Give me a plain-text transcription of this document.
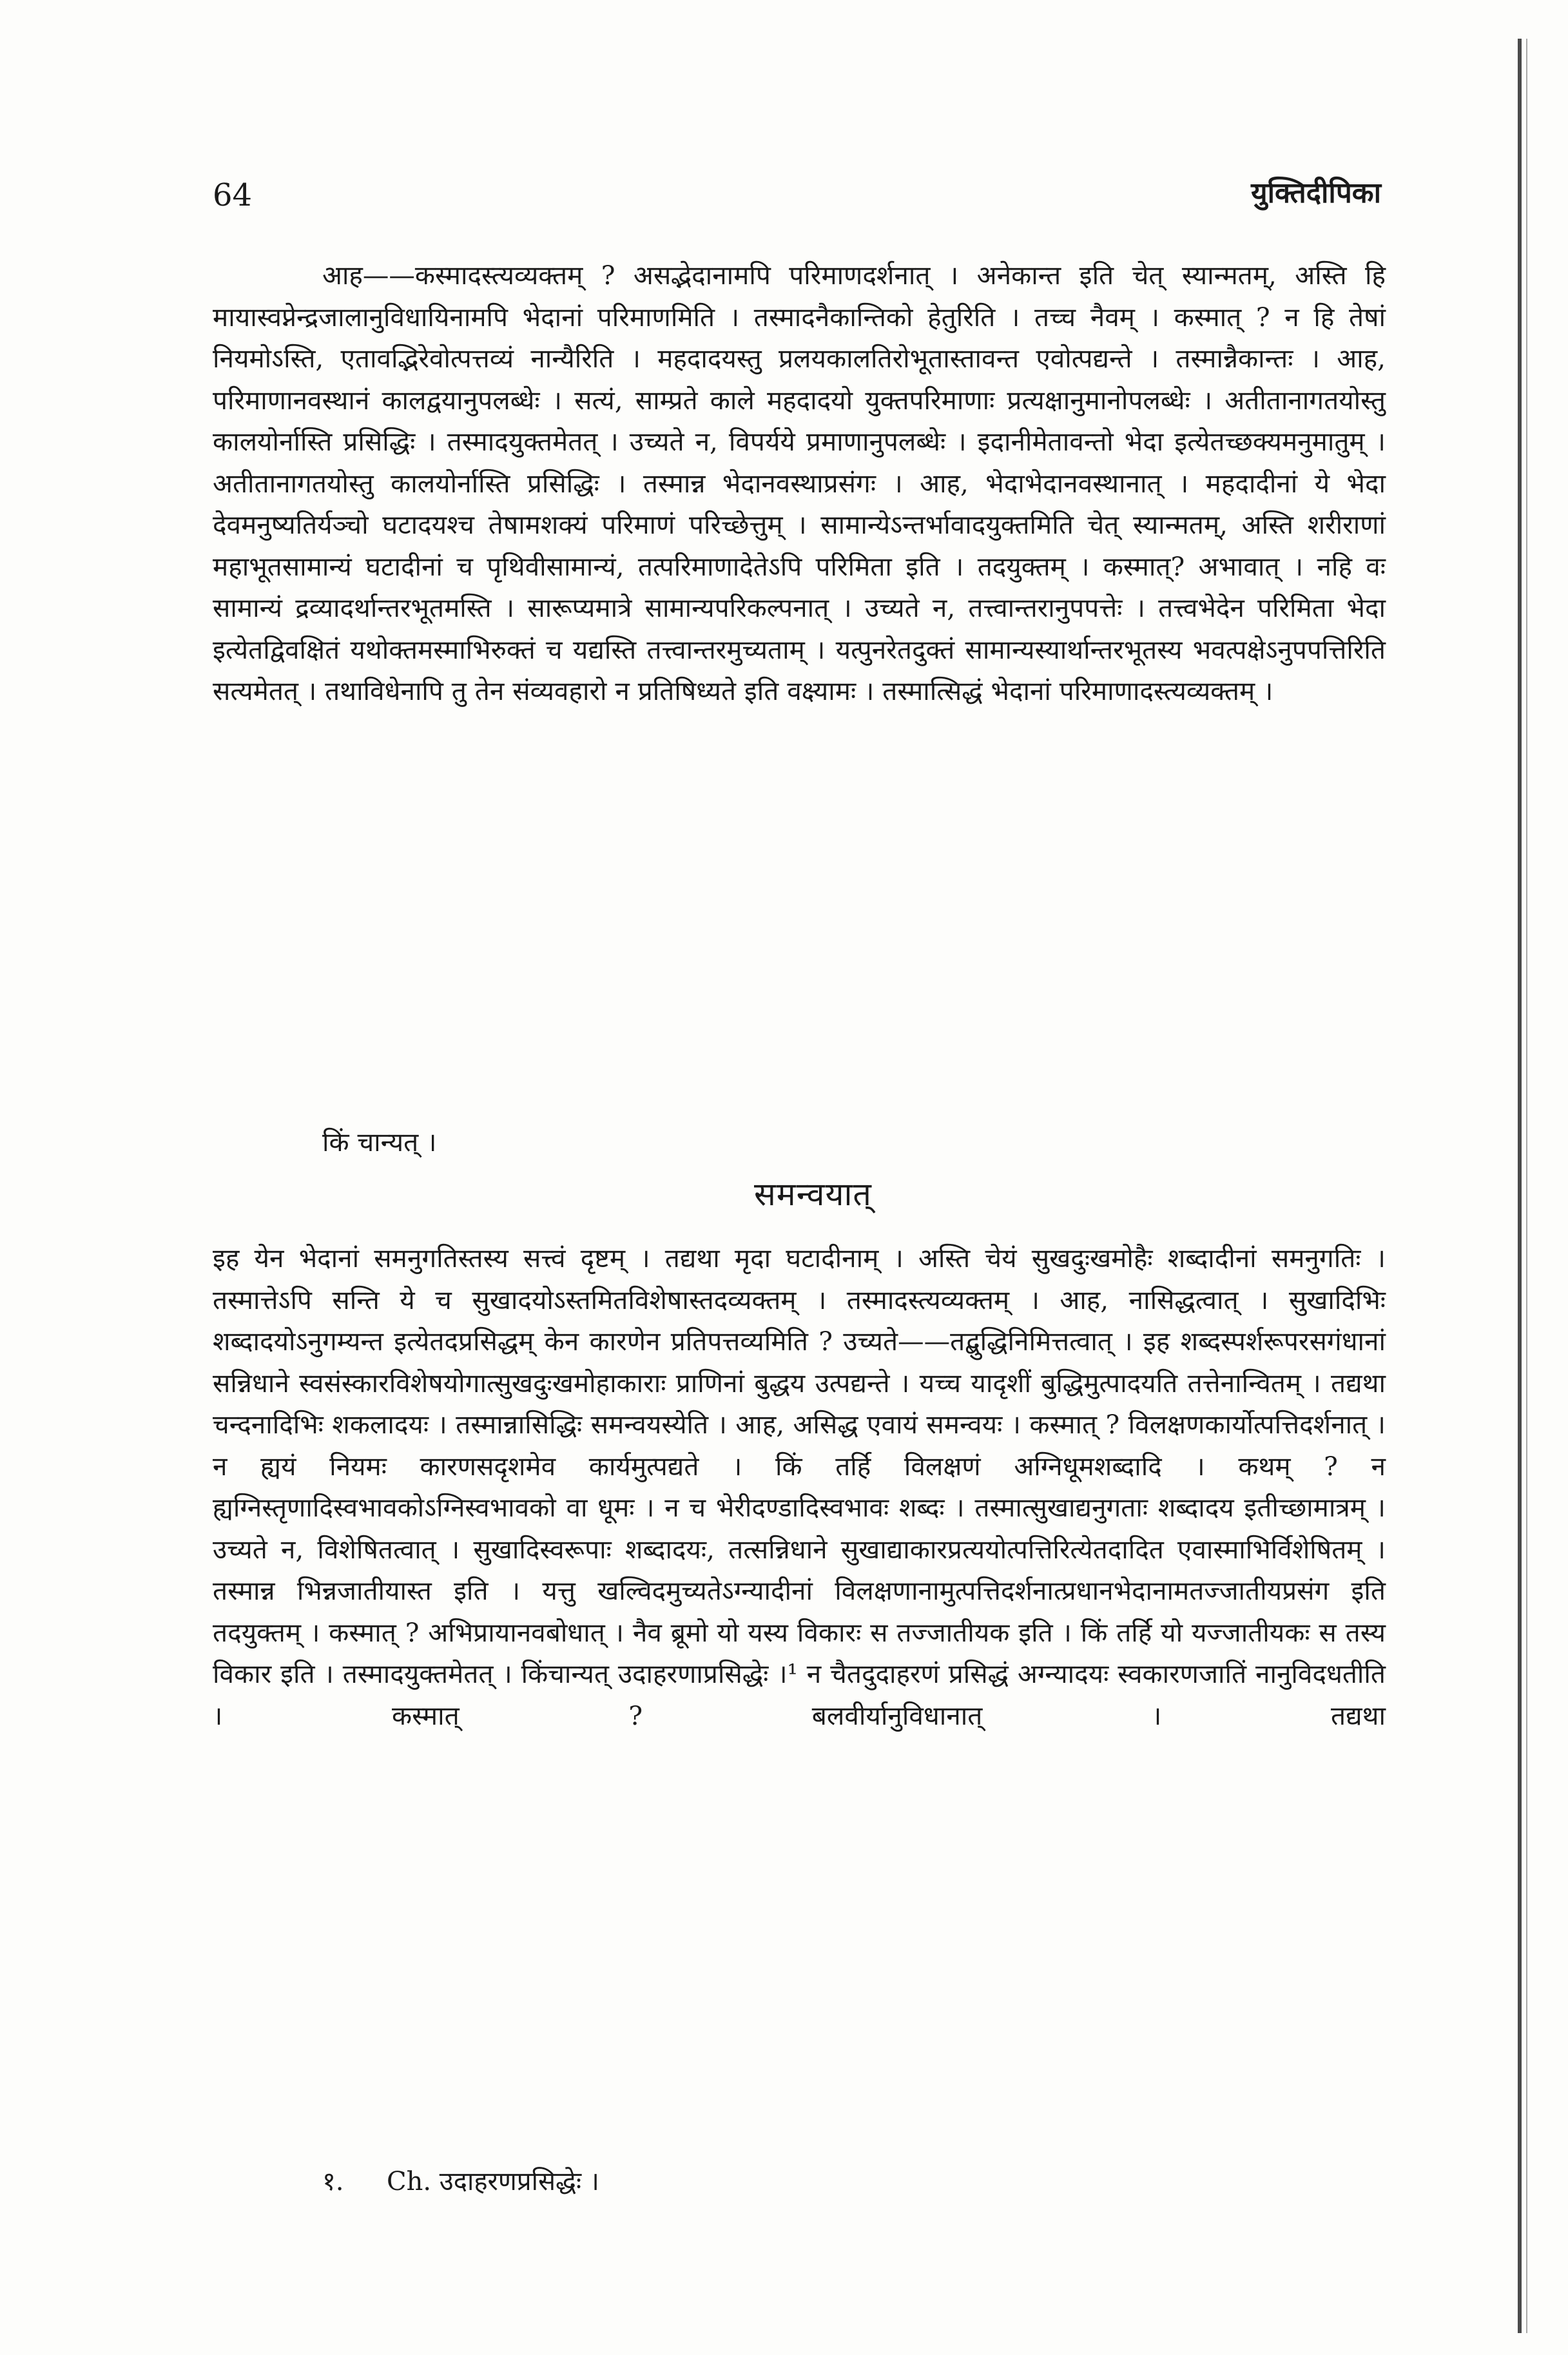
64	युक्तिदीपिका
आह——कस्मादस्त्यव्यक्तम् ? असद्भेदानामपि परिमाणदर्शनात् । अनेकान्त इति चेत् स्यान्मतम्, अस्ति हि मायास्वप्नेन्द्रजालानुविधायिनामपि भेदानां परिमाणमिति । तस्मादनैकान्तिको हेतुरिति । तच्च नैवम् । कस्मात् ? न हि तेषां नियमोऽस्ति, एतावद्भिरेवोत्पत्तव्यं नान्यैरिति । महदादयस्तु प्रलयकालतिरोभूतास्तावन्त एवोत्पद्यन्ते । तस्मान्नैकान्तः । आह, परिमाणानवस्थानं कालद्वयानुपलब्धेः । सत्यं, साम्प्रते काले महदादयो युक्तपरिमाणाः प्रत्यक्षानुमानोपलब्धेः । अतीतानागतयोस्तु कालयोर्नास्ति प्रसिद्धिः । तस्मादयुक्तमेतत् । उच्यते न, विपर्यये प्रमाणानुपलब्धेः । इदानीमेतावन्तो भेदा इत्येतच्छक्यमनुमातुम् । अतीतानागतयोस्तु कालयोर्नास्ति प्रसिद्धिः । तस्मान्न भेदानवस्थाप्रसंगः । आह, भेदाभेदानवस्थानात् । महदादीनां ये भेदा देवमनुष्यतिर्यञ्चो घटादयश्च तेषामशक्यं परिमाणं परिच्छेत्तुम् । सामान्येऽन्तर्भावादयुक्तमिति चेत् स्यान्मतम्, अस्ति शरीराणां महाभूतसामान्यं घटादीनां च पृथिवीसामान्यं, तत्परिमाणादेतेऽपि परिमिता इति । तदयुक्तम् । कस्मात्? अभावात् । नहि वः सामान्यं द्रव्यादर्थान्तरभूतमस्ति । सारूप्यमात्रे सामान्यपरिकल्पनात् । उच्यते न, तत्त्वान्तरानुपपत्तेः । तत्त्वभेदेन परिमिता भेदा इत्येतद्विवक्षितं यथोक्तमस्माभिरुक्तं च यद्यस्ति तत्त्वान्तरमुच्यताम् । यत्पुनरेतदुक्तं सामान्यस्यार्थान्तरभूतस्य भवत्पक्षेऽनुपपत्तिरिति सत्यमेतत् । तथाविधेनापि तु तेन संव्यवहारो न प्रतिषिध्यते इति वक्ष्यामः । तस्मात्सिद्धं भेदानां परिमाणादस्त्यव्यक्तम् ।
किं चान्यत् ।
समन्वयात्
इह येन भेदानां समनुगतिस्तस्य सत्त्वं दृष्टम् । तद्यथा मृदा घटादीनाम् । अस्ति चेयं सुखदुःखमोहैः शब्दादीनां समनुगतिः । तस्मात्तेऽपि सन्ति ये च सुखादयोऽस्तमितविशेषास्तदव्यक्तम् । तस्मादस्त्यव्यक्तम् । आह, नासिद्धत्वात् । सुखादिभिः शब्दादयोऽनुगम्यन्त इत्येतदप्रसिद्धम् केन कारणेन प्रतिपत्तव्यमिति ? उच्यते——तद्बुद्धिनिमित्तत्वात् । इह शब्दस्पर्शरूपरसगंधानां सन्निधाने स्वसंस्कारविशेषयोगात्सुखदुःखमोहाकाराः प्राणिनां बुद्धय उत्पद्यन्ते । यच्च यादृशीं बुद्धिमुत्पादयति तत्तेनान्वितम् । तद्यथा चन्दनादिभिः शकलादयः । तस्मान्नासिद्धिः समन्वयस्येति । आह, असिद्ध एवायं समन्वयः । कस्मात् ? विलक्षणकार्योत्पत्तिदर्शनात् । न ह्ययं नियमः कारणसदृशमेव कार्यमुत्पद्यते । किं तर्हि विलक्षणं अग्निधूमशब्दादि । कथम् ? न ह्यग्निस्तृणादिस्वभावकोऽग्निस्वभावको वा धूमः । न च भेरीदण्डादिस्वभावः शब्दः । तस्मात्सुखाद्यनुगताः शब्दादय इतीच्छामात्रम् । उच्यते न, विशेषितत्वात् । सुखादिस्वरूपाः शब्दादयः, तत्सन्निधाने सुखाद्याकारप्रत्ययोत्पत्तिरित्येतदादित एवास्माभिर्विशेषितम् । तस्मान्न भिन्नजातीयास्त इति । यत्तु खल्विदमुच्यतेऽग्न्यादीनां विलक्षणानामुत्पत्तिदर्शनात्प्रधानभेदानामतज्जातीयप्रसंग इति तदयुक्तम् । कस्मात् ? अभिप्रायानवबोधात् । नैव ब्रूमो यो यस्य विकारः स तज्जातीयक इति । किं तर्हि यो यज्जातीयकः स तस्य विकार इति । तस्मादयुक्तमेतत् । किंचान्यत् उदाहरणाप्रसिद्धेः ।¹ न चैतदुदाहरणं प्रसिद्धं अग्न्यादयः स्वकारणजातिं नानुविदधतीति । कस्मात् ? बलवीर्यानुविधानात् । तद्यथा
१. Ch. उदाहरणप्रसिद्धेः ।
